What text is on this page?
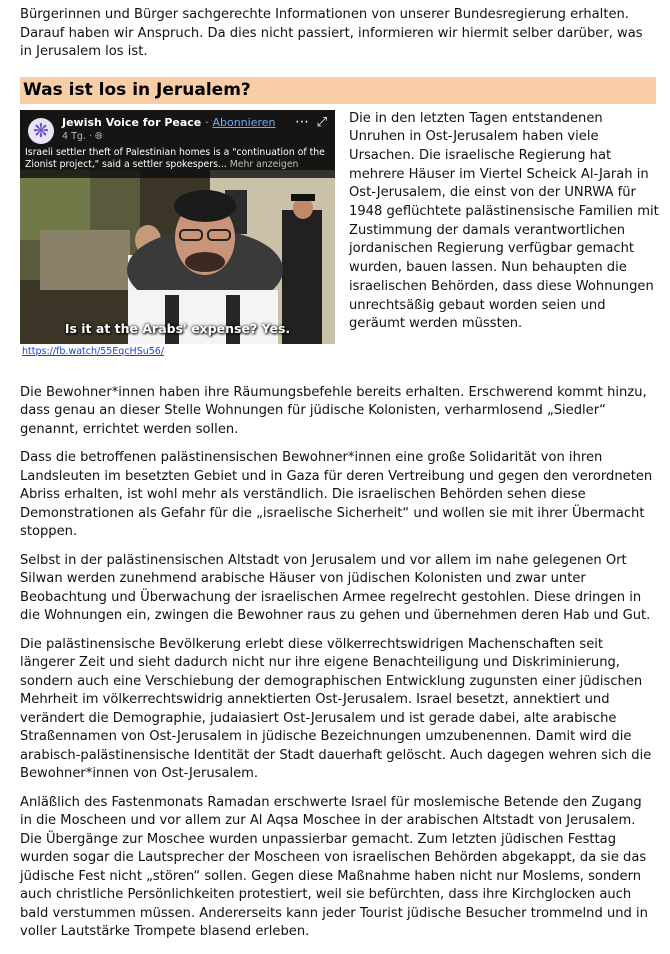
Bürgerinnen und Bürger sachgerechte Informationen von unserer Bundesregierung erhalten. Darauf haben wir Anspruch. Da dies nicht passiert, informieren wir hiermit selber darüber, was in Jerusalem los ist.

Was ist los in Jerualem?
❋	Jewish Voice for Peace · Abonnieren
4 Tg. · 🌐︎
⋯ ⤢
Israeli settler theft of Palestinian homes is a "continuation of the Zionist project," said a settler spokespers... Mehr anzeigen
Is it at the Arabs' expense? Yes.
https://fb.watch/55EqcHSu56/

Die in den letzten Tagen entstandenen Unruhen in Ost-Jerusalem haben viele Ursachen. Die israelische Regierung hat mehrere Häuser im Viertel Scheick Al-Jarah in Ost-Jerusalem, die einst von der UNRWA für 1948 geflüchtete palästinensische Familien mit Zustimmung der damals verantwortlichen jordanischen Regierung verfügbar gemacht wurden, bauen lassen. Nun behaupten die israelischen Behörden, dass diese Wohnungen unrechtsäßig gebaut worden seien und geräumt werden müssten.

Die Bewohner*innen haben ihre Räumungsbefehle bereits erhalten. Erschwerend kommt hinzu, dass genau an dieser Stelle Wohnungen für jüdische Kolonisten, verharmlosend „Siedler“ genannt, errichtet werden sollen.

Dass die betroffenen palästinensischen Bewohner*innen eine große Solidarität von ihren Landsleuten im besetzten Gebiet und in Gaza für deren Vertreibung und gegen den verordneten Abriss erhalten, ist wohl mehr als verständlich. Die israelischen Behörden sehen diese Demonstrationen als Gefahr für die „israelische Sicherheit“ und wollen sie mit ihrer Übermacht stoppen.

Selbst in der palästinensischen Altstadt von Jerusalem und vor allem im nahe gelegenen Ort Silwan werden zunehmend arabische Häuser von jüdischen Kolonisten und zwar unter Beobachtung und Überwachung der israelischen Armee regelrecht gestohlen. Diese dringen in die Wohnungen ein, zwingen die Bewohner raus zu gehen und übernehmen deren Hab und Gut.

Die palästinensische Bevölkerung erlebt diese völkerrechtswidrigen Machenschaften seit längerer Zeit und sieht dadurch nicht nur ihre eigene Benachteiligung und Diskriminierung, sondern auch eine Verschiebung der demographischen Entwicklung zugunsten einer jüdischen Mehrheit im völkerrechtswidrig annektierten Ost-Jerusalem. Israel besetzt, annektiert und verändert die Demographie, judaiasiert Ost-Jerusalem und ist gerade dabei, alte arabische Straßennamen von Ost-Jerusalem in jüdische Bezeichnungen umzubenennen. Damit wird die arabisch-palästinensische Identität der Stadt dauerhaft gelöscht. Auch dagegen wehren sich die Bewohner*innen von Ost-Jerusalem.

Anläßlich des Fastenmonats Ramadan erschwerte Israel für moslemische Betende den Zugang in die Moscheen und vor allem zur Al Aqsa Moschee in der arabischen Altstadt von Jerusalem. Die Übergänge zur Moschee wurden unpassierbar gemacht. Zum letzten jüdischen Festtag wurden sogar die Lautsprecher der Moscheen von israelischen Behörden abgekappt, da sie das jüdische Fest nicht „stören“ sollen. Gegen diese Maßnahme haben nicht nur Moslems, sondern auch christliche Persönlichkeiten protestiert, weil sie befürchten, dass ihre Kirchglocken auch bald verstummen müssen. Andererseits kann jeder Tourist jüdische Besucher trommelnd und in voller Lautstärke Trompete blasend erleben.
